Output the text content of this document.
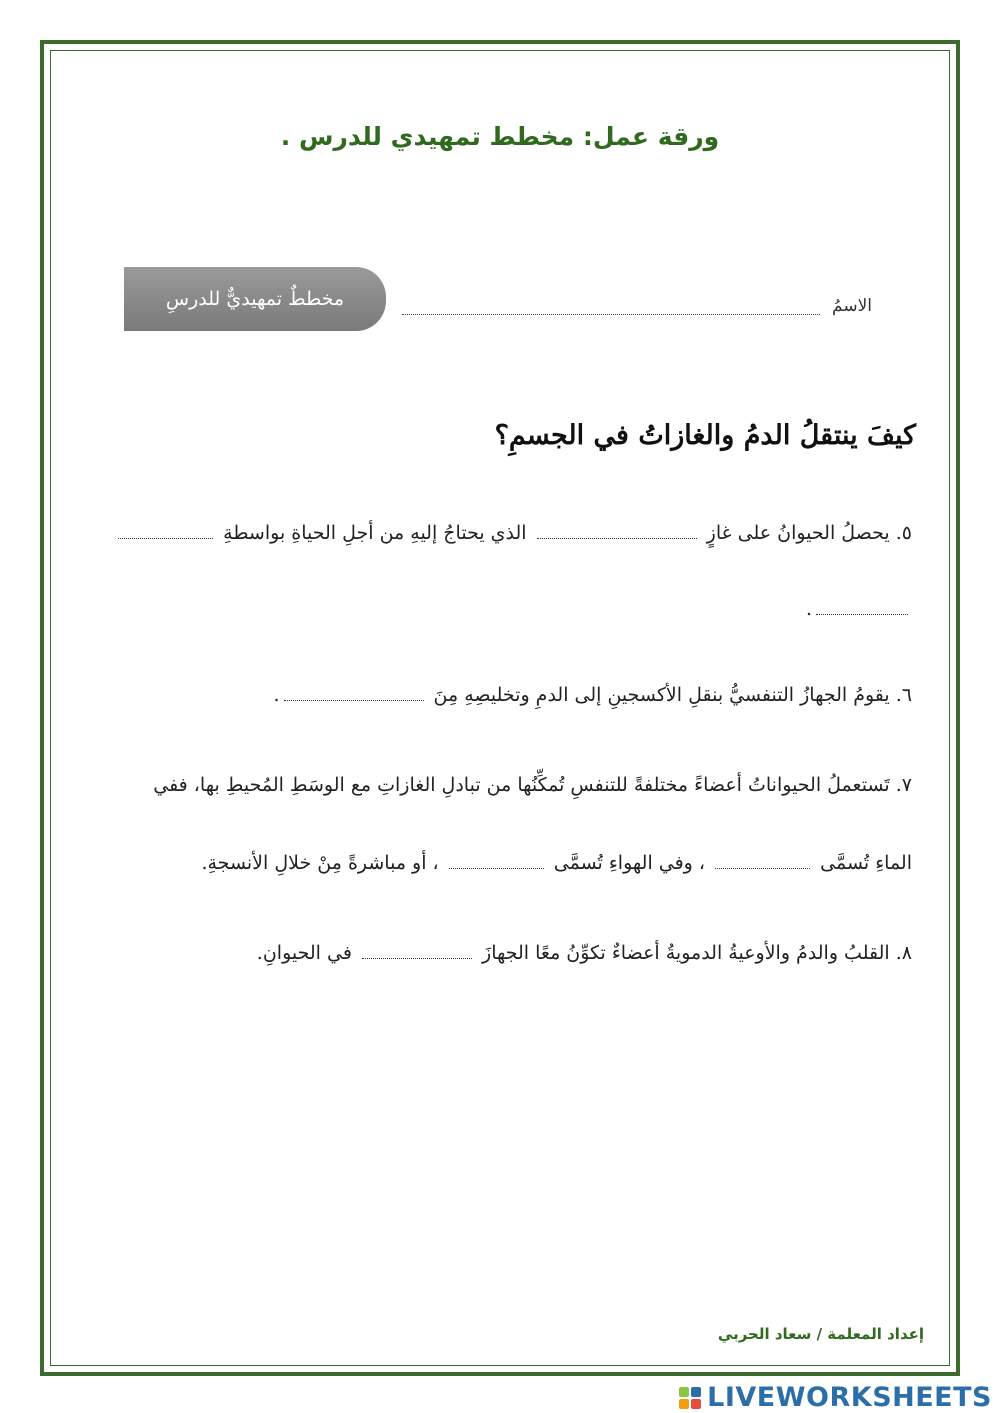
ورقة عمل: مخطط تمهيدي للدرس .
مخططٌ تمهيديٌّ للدرسِ	الاسمُ
كيفَ ينتقلُ الدمُ والغازاتُ في الجسمِ؟
٥. يحصلُ الحيوانُ على غازٍ  الذي يحتاجُ إليهِ من أجلِ الحياةِ بواسطةِ
.
٦. يقومُ الجهازُ التنفسيُّ بنقلِ الأكسجينِ إلى الدمِ وتخليصِهِ مِنَ .
٧. تَستعملُ الحيواناتُ أعضاءً مختلفةً للتنفسِ تُمكِّنُها من تبادلِ الغازاتِ مع الوسَطِ المُحيطِ بها، ففي
الماءِ تُسمَّى  ، وفي الهواءِ تُسمَّى  ، أو مباشرةً مِنْ خلالِ الأنسجةِ.
٨. القلبُ والدمُ والأوعيةُ الدمويةُ أعضاءٌ تكوِّنُ معًا الجهازَ  في الحيوانِ.
إعداد المعلمة / سعاد الحربي
LIVEWORKSHEETS
